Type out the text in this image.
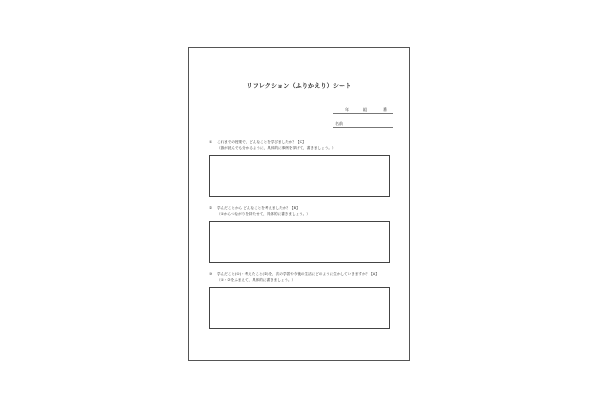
リフレクション（ふりかえり）シート
年	組	番
名前
① これまでの授業で，どんなことを学びましたか？【C】
（誰が読んでも分かるように，具体的に事例を挙げて，書きましょう。）
② 学んだことから どんなことを考えましたか？【B】
（①からつながりを持たせて，具体的に書きましょう。）
③ 学んだこと(①)・考えたこと(②)を，次の学習や今後の生活にどのように生かしていきますか？【A】
（①・②をふまえて，具体的に書きましょう。）
